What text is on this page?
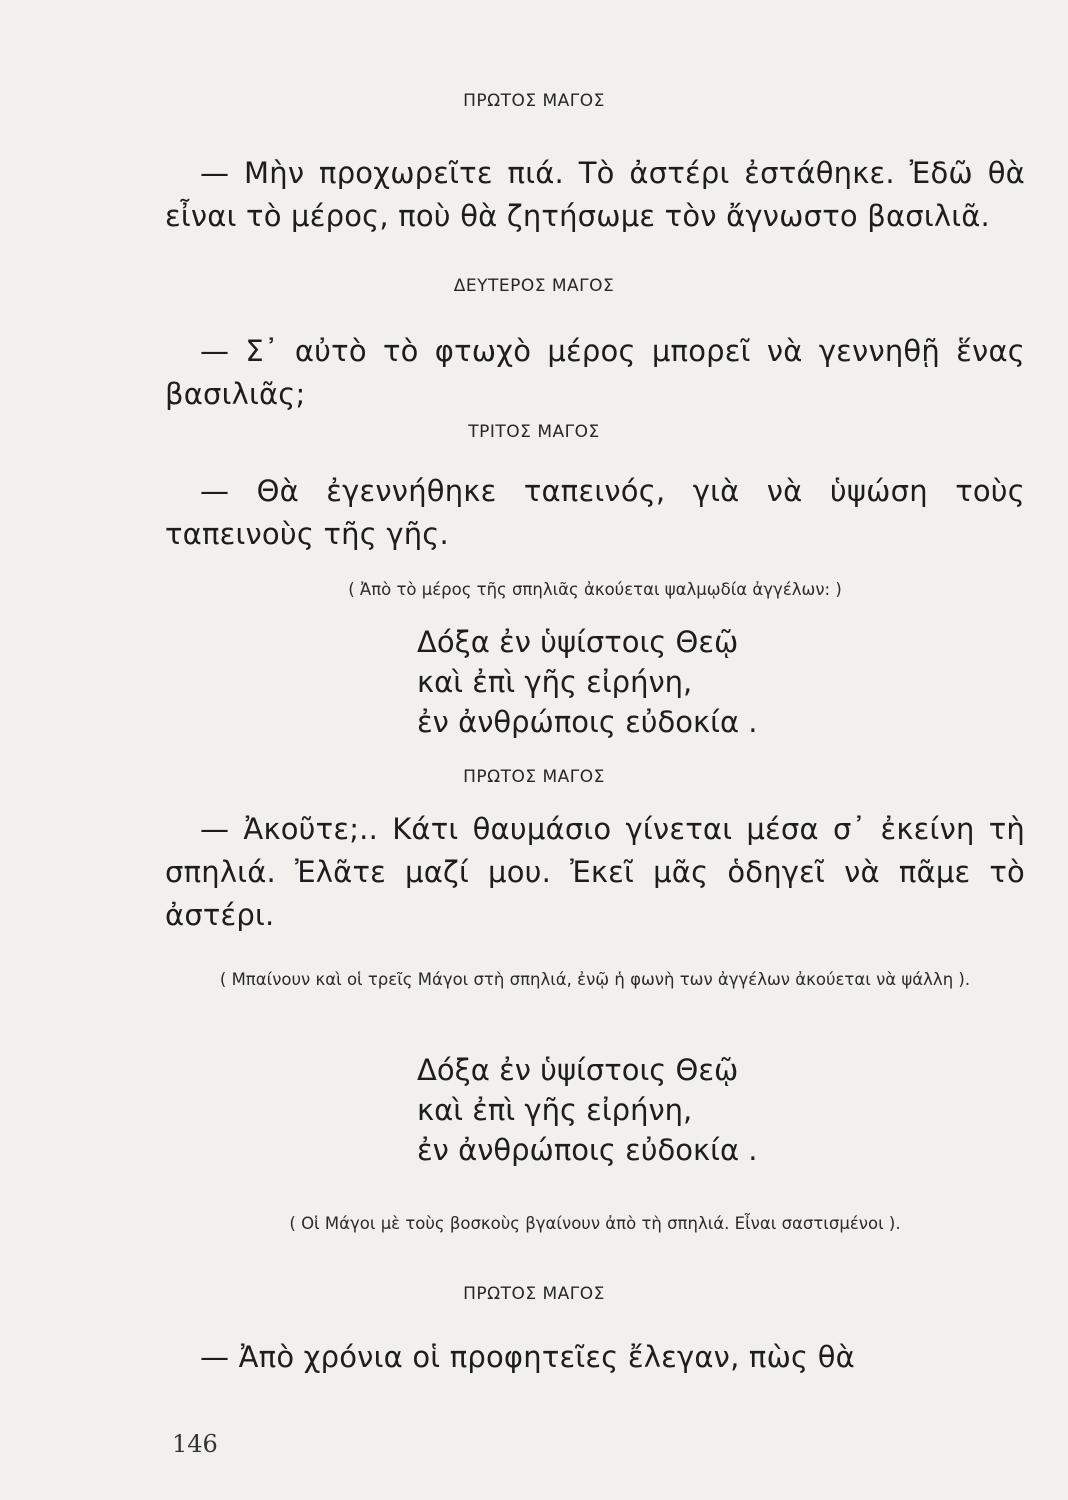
ΠΡΩΤΟΣ ΜΑΓΟΣ

— Μὴν προχωρεῖτε πιά. Τὸ ἀστέρι ἐστάθηκε. Ἐδῶ θὰ εἶναι τὸ μέρος, ποὺ θὰ ζητήσωμε τὸν ἄγνωστο βασιλιᾶ.

ΔΕΥΤΕΡΟΣ ΜΑΓΟΣ

— Σ᾿ αὐτὸ τὸ φτωχὸ μέρος μπορεῖ νὰ γεννηθῇ ἕνας βασιλιᾶς;

ΤΡΙΤΟΣ ΜΑΓΟΣ

— Θὰ ἐγεννήθηκε ταπεινός, γιὰ νὰ ὑψώση τοὺς ταπεινοὺς τῆς γῆς.

( Ἀπὸ τὸ μέρος τῆς σπηλιᾶς ἀκούεται ψαλμῳδία ἀγγέλων: )

Δόξα ἐν ὑψίστοις Θεῷ
καὶ ἐπὶ γῆς εἰρήνη,
ἐν ἀνθρώποις εὐδοκία .
ΠΡΩΤΟΣ ΜΑΓΟΣ

— Ἀκοῦτε;.. Κάτι θαυμάσιο γίνεται μέσα σ᾿ ἐκείνη τὴ σπηλιά. Ἐλᾶτε μαζί μου. Ἐκεῖ μᾶς ὁδηγεῖ νὰ πᾶμε τὸ ἀστέρι.

( Μπαίνουν καὶ οἱ τρεῖς Μάγοι στὴ σπηλιά, ἐνῷ ἡ φωνὴ των ἀγγέλων ἀκούεται νὰ ψάλλη ).

Δόξα ἐν ὑψίστοις Θεῷ
καὶ ἐπὶ γῆς εἰρήνη,
ἐν ἀνθρώποις εὐδοκία .

( Οἱ Μάγοι μὲ τοὺς βοσκοὺς βγαίνουν ἀπὸ τὴ σπηλιά. Εἶναι σαστισμένοι ).

ΠΡΩΤΟΣ ΜΑΓΟΣ

— Ἀπὸ χρόνια οἱ προφητεῖες ἔλεγαν, πὼς θὰ

146
